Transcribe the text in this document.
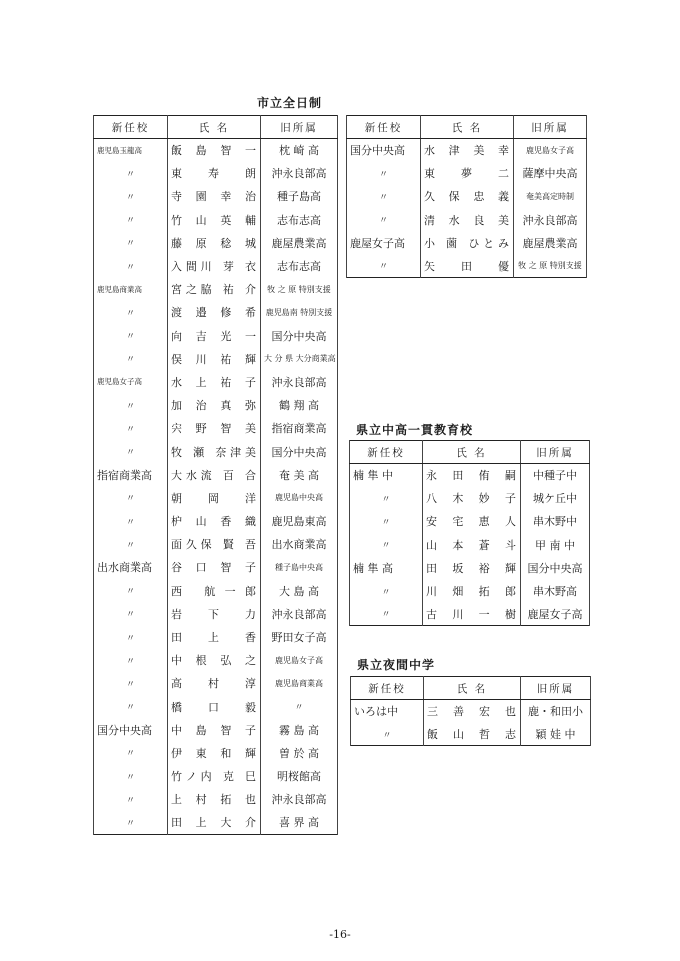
市立全日制
新任校	氏 名	旧所属
鹿児島玉龍高	飯 島 智 一	枕 崎 高
〃	東 寿 朗	沖永良部高
〃	寺 園 幸 治	種子島高
〃	竹 山 英 輔	志布志高
〃	藤 原 稔 城	鹿屋農業高
〃	入間川 芽 衣	志布志高
鹿児島商業高	宮之脇 祐 介	牧 之 原 特別支援
〃	渡 邉 修 希	鹿児島南 特別支援
〃	向 吉 光 一	国分中央高
〃	俣 川 祐 輝	大 分 県 大分商業高
鹿児島女子高	水 上 祐 子	沖永良部高
〃	加 治 真 弥	鶴 翔 高
〃	宍 野 智 美	指宿商業高
〃	牧 瀬 奈津美	国分中央高
指宿商業高	大水流 百 合	奄 美 高
〃	朝 岡 洋	鹿児島中央高
〃	枦 山 香 織	鹿児島東高
〃	面久保 賢 吾	出水商業高
出水商業高	谷 口 智 子	種子島中央高
〃	西 航一郎	大 島 高
〃	岩 下 力	沖永良部高
〃	田 上 香	野田女子高
〃	中 根 弘 之	鹿児島女子高
〃	高 村 淳	鹿児島商業高
〃	橋 口 毅	〃
国分中央高	中 島 智 子	霧 島 高
〃	伊 東 和 輝	曽 於 高
〃	竹ノ内 克 巳	明桜館高
〃	上 村 拓 也	沖永良部高
〃	田 上 大 介	喜 界 高
新任校	氏 名	旧所属
国分中央高	水 津 美 幸	鹿児島女子高
〃	東 夢 二	薩摩中央高
〃	久 保 忠 義	奄美高定時制
〃	清 水 良 美	沖永良部高
鹿屋女子高	小 薗 ひとみ	鹿屋農業高
〃	矢 田 優	牧 之 原 特別支援
県立中高一貫教育校
新任校	氏 名	旧所属
楠 隼 中	永 田 侑 嗣	中種子中
〃	八 木 妙 子	城ケ丘中
〃	安 宅 恵 人	串木野中
〃	山 本 蒼 斗	甲 南 中
楠 隼 高	田 坂 裕 輝	国分中央高
〃	川 畑 拓 郎	串木野高
〃	古 川 一 樹	鹿屋女子高
県立夜間中学
新任校	氏 名	旧所属
いろは中	三 善 宏 也	鹿・和田小
〃	飯 山 哲 志	穎 娃 中
-16-
